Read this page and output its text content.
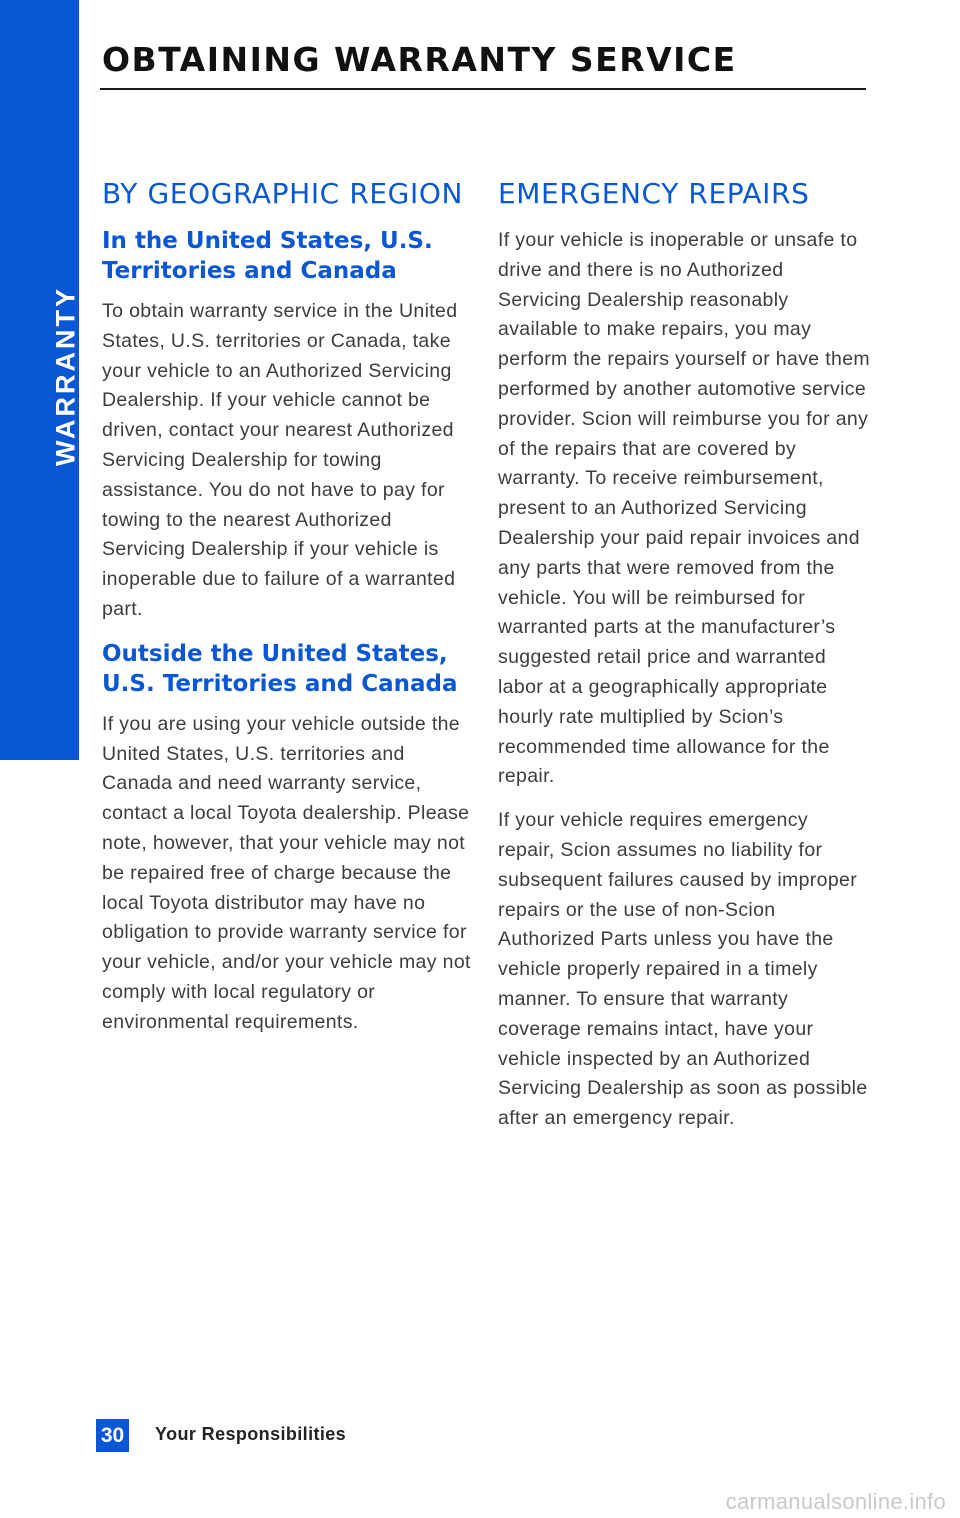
WARRANTY
OBTAINING WARRANTY SERVICE
BY GEOGRAPHIC REGION
In the United States, U.S. Territories and Canada
To obtain warranty service in the United States, U.S. territories or Canada, take your vehicle to an Authorized Servicing Dealership. If your vehicle cannot be driven, contact your nearest Authorized Servicing Dealership for towing assistance. You do not have to pay for towing to the nearest Authorized Servicing Dealership if your vehicle is inoperable due to failure of a warranted part.
Outside the United States, U.S. Territories and Canada
If you are using your vehicle outside the United States, U.S. territories and Canada and need warranty service, contact a local Toyota dealership. Please note, however, that your vehicle may not be repaired free of charge because the local Toyota distributor may have no obligation to provide warranty service for your vehicle, and/or your vehicle may not comply with local regulatory or environmental requirements.
EMERGENCY REPAIRS
If your vehicle is inoperable or unsafe to drive and there is no Authorized Servicing Dealership reasonably available to make repairs, you may perform the repairs yourself or have them performed by another automotive service provider. Scion will reimburse you for any of the repairs that are covered by warranty. To receive reimbursement, present to an Authorized Servicing Dealership your paid repair invoices and any parts that were removed from the vehicle. You will be reimbursed for warranted parts at the manufacturer’s suggested retail price and warranted labor at a geographically appropriate hourly rate multiplied by Scion’s recommended time allowance for the repair.
If your vehicle requires emergency repair, Scion assumes no liability for subsequent failures caused by improper repairs or the use of non-Scion Authorized Parts unless you have the vehicle properly repaired in a timely manner. To ensure that warranty coverage remains intact, have your vehicle inspected by an Authorized Servicing Dealership as soon as possible after an emergency repair.
30 Your Responsibilities
carmanualsonline.info
